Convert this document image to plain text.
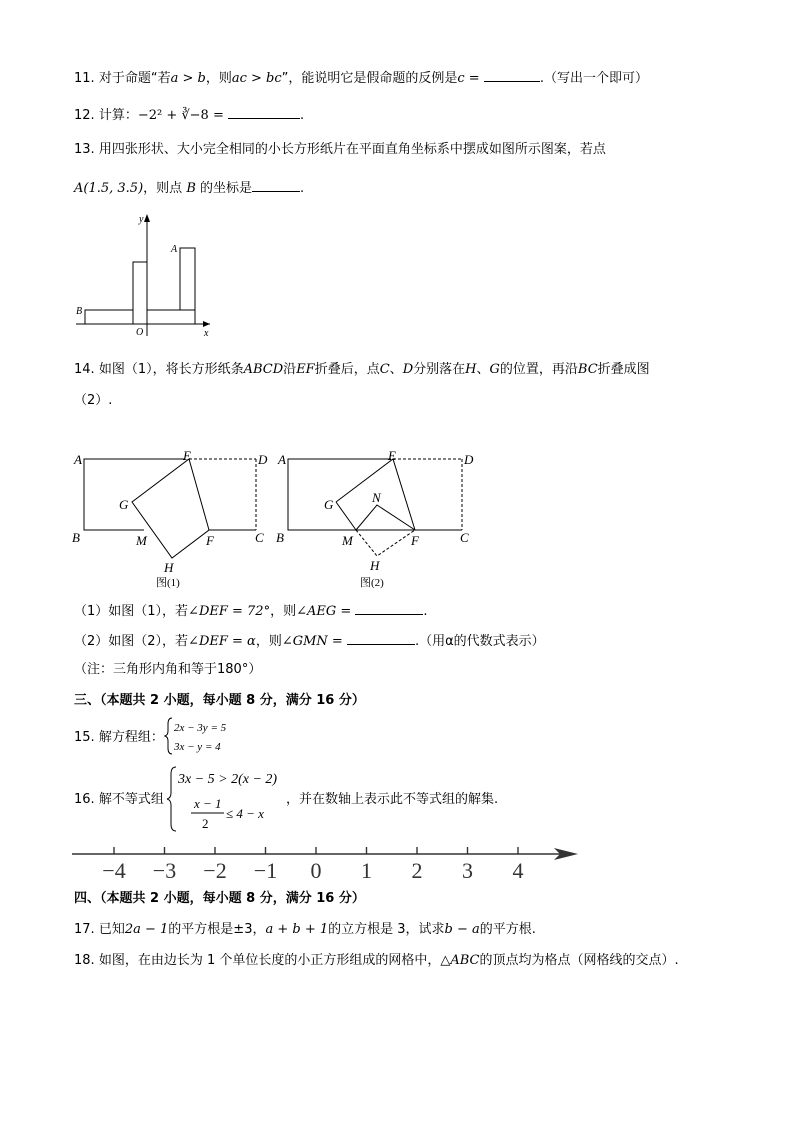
11. 对于命题“若a > b，则ac > bc”，能说明它是假命题的反例是c =	.（写出一个即可）
12. 计算：−2² + ∛−8 =	.
13. 用四张形状、大小完全相同的小长方形纸片在平面直角坐标系中摆成如图所示图案，若点
A(1.5, 3.5)，则点 B 的坐标是	.
y
x
O
A
B
14. 如图（1），将长方形纸条ABCD沿EF折叠后，点C、D分别落在H、G的位置，再沿BC折叠成图
（2）.
A	E	D
G
B	M	F	C
H
图(1)
A	E	D
G	N
B	M	F	C
H
图(2)
（1）如图（1），若∠DEF = 72°，则∠AEG =	.
（2）如图（2），若∠DEF = α，则∠GMN =	.（用α的代数式表示）
（注：三角形内角和等于180°）
三、（本题共 2 小题，每小题 8 分，满分 16 分）
15. 解方程组：
2x − 3y = 5
3x − y = 4
16. 解不等式组
3x − 5 > 2(x − 2)
x − 1
2
≤ 4 − x
，并在数轴上表示此不等式组的解集.
−4 −3 −2 −1 0 1 2 3 4
四、（本题共 2 小题，每小题 8 分，满分 16 分）
17. 已知2a − 1的平方根是±3，a + b + 1的立方根是 3，试求b − a的平方根.
18. 如图，在由边长为 1 个单位长度的小正方形组成的网格中，△ABC的顶点均为格点（网格线的交点）.
